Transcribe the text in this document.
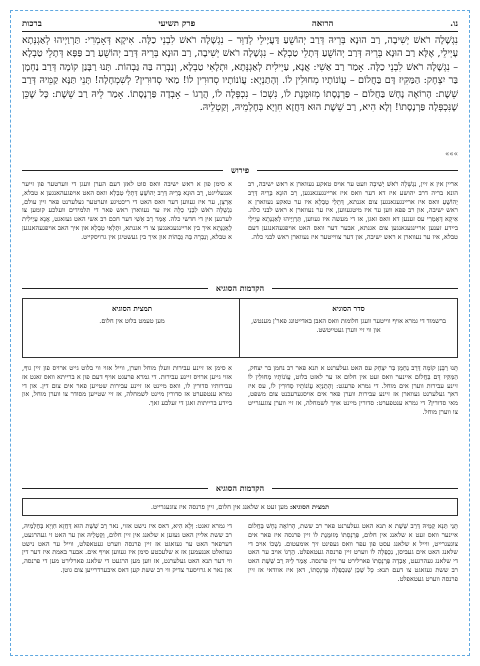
נו.
הרואה
פרק תשיעי
ברכות
נִגְשָׁלָה רֹאשׁ יְשִׁיבָה, רַב הוּנָא בְּרֵיהּ דְּרַב יְהוֹשֻׁעַ דַּעֲיָילֵי לְדַוֵּר – נִגְשָׁלָה רֹאשׁ לִבְנֵי כַלָּה. אִיקָא דְּאָמְרִי: תַּרְוַיְיהוּ לְאַגְנְּתָא עָיְילֵי, אֶלָּא רַב הוּנָא בְּרֵיהּ דְּרַב יְהוֹשֻׁעַ דְּתָלֵי טַבְלָא – נִגְשָׁלָה רֹאשׁ יְשִׁיבָה, רַב הוּנָא בְּרֵיהּ דְּרַב יְהוֹשֻׁעַ רַב פַּפָּא דְּתָלֵי טַבְלָא – נִגְשָׁלָה רֹאשׁ לִבְנֵי כַלָּה. אָמַר רַב אַשִׁי: אֲנָא, עַיְילִית לְאַגְנְּתָא, וּתְלָאִי טַבְלָא, וְנַבְרָה בַּה גַּבְהוֹת. תָּנוּ רַבָּנַן קוֹמָה דְּרַב נַחְמָן בַּר יִצְחָק: הַמַּקִּיז דָּם בַּחֲלוֹם – עֲוֹנוֹתָיו מְחוּלִין לוֹ. וְהָתַנְיָא: עֲוֹנוֹתָיו סְדוּרִין לוֹ! מַאי סְדוּרִין? לְשִׁמְחָלָה! תָּנֵי תַּנָּא קַמֵּיהּ דְּרַב שֵׁשֶׁת: הָרוֹאֶה נָחָשׁ בַּחֲלוֹם – פַּרְנָסָתוֹ מְזוּמֶּנֶת לוֹ, נִשְׁכוֹ – נִכְפְּלָה לוֹ, הֲרָגוֹ – אָבְדָה פַּרְנָסָתוֹ. אָמַר לֵיהּ רַב שֵׁשֶׁת: כָּל שֶׁכֵּן שֶׁנִּכְפְּלָה פַּרְנָסָתוֹ! וְלָא הִיא, רַב שֵׁשֶׁת הוּא דַּחֲזָא חִוְיָא בְּחֶלְמֵיהּ, וְקַטְלֵיהּ.
«««
פירוש
אריין אין א זיין, נִגְשָׁלָה רֹאשׁ יְשִׁיבָה וועט ער אויס טאקע נעווארן א ראש ישיבה, רב הונא בריה דרב יהושע איז דא דער וואס איז אריינגעגאנגען, רַב הוּנָא בְּרֵיהּ דְּרַב יְהוֹשֻׁעַ וואס איז אריינגעגאנגען צום אגנתא, דְּתָלֵי טַבְלָא איז ער טאקע נעווארן א ראש ישיבה, און רב פפא ווען ער איז מיטגעווען, איז ער נעווארן א ראש לבני כלה. אִיקָא דְּאָמְרִי עס זענען דא וואס זאגן, אז די מעשה איז געווען, תַּרְוַיְיהוּ לְאַגְנְּתָא עָיְילֵי ביידע זענען אריינגעגאנגען צום אגנתא, אבער דער וואס האט אויפגעהאנגען דעם טבלא, איז ער נעווארן א ראש ישיבה, און דער צווייטער איז נעווארן ראש לבני כלה.
א סימן פון א ראש ישיבה וואס סוט לאזן דעם הערן וועגן די ווערטער פון זייער אנגעלייגט, רַב הוּנָא בְּרֵיהּ דְּרַב יְהוֹשֻׁעַ דְּתָלֵי טַבְלָא וואס האט אויפגעהאנגען א טבלא, אַרְצָן, ער איז געווען דער וואס האט די ריכטיגע ווערטער געלערנט פאר זיין עולם, נִגְשָׁלָה רֹאשׁ לִבְנֵי כַלָּה איז ער נעווארן ראש פאר די תלמידים וועלכע קומען צו לערנען אין די חדשי כלה. אָמַר רַב אַשִׁי דער חכם רב אשי האט געזאגט, אֲנָא עַיְילִית לְאַגְנְּתָא איך בין אריינגעגאנגען צו די אגנתא, וּתְלָאִי טַבְלָא און איך האב אויפגעהאנגען א טבלא, וְנַבְרָה בַּה גַּבְהוֹת און איך בין געשטיגן אין גרויסקייט.
הקדמות הסוגיא
סדר הסוגיא
ברשמוד די גמרא אויף ווייטער וועגן חלומות וואס האבן באדייטונג פאר'ן מענטש, און ווי זיי ווערן געטייטשט.
תמצית הסוגיא
מען טעמט בלוט אין חלום.
תָּנוּ רַבָּנַן קוֹמָה דְּרַב נַחְמָן בַּר יִצְחָק עס האט געלערנט א תנא פאר רב נחמן בר יצחק, הַמַּקִּיז דָּם בַּחֲלוֹם איינער וואס זעט אין חלום אז ער לאזט בלוט, עֲוֹנוֹתָיו מְחוּלִין לוֹ זיינע עבירות ווערן אים מוחל. די גמרא פרעגט: וְהָתַנְיָא עֲוֹנוֹתָיו סְדוּרִין לוֹ, עס איז דאך געלערנט געווארן אז זיינע עבירות ווערן פאר אים אויסגערעכנט צום משפט, מאי סדורין? די גמרא ענטפערט: סדורין מיינט אויך לשמחלה, אז זיי ווערן צוגעגרייט צו ווערן מוחל.
א סימן אז זיינע עבירות וועלן מוחל ווערן, ווייל אזוי ווי בלוט גייט ארויס פון זיין גוף, אזוי גייען ארויס זיינע עבירות. די גמרא פרעגט אויף דעם פון א ברייתא וואס זאגט אז עבירותיו סדורין לו, וואס מיינט אז זיינע עבירות שטייען פאר אים צום דין. און די גמרא ענטפערט אז סדורין מיינט לשמחלה, אז זיי שטייען מסודר צו ווערן מוחל, און ביידע ברייתות זאגן די זעלבע זאך.
הקדמות הסוגיא
תמצית הסוגיא: מען זעט א שלאנג אין חלום, זיין פרנסה איז צוגעגרייט.
תָּנֵי תַּנָּא קַמֵּיהּ דְּרַב שֵׁשֶׁת א תנא האט געלערנט פאר רב ששת, הָרוֹאֶה נָחָשׁ בַּחֲלוֹם איינער וואס זעט א שלאנג אין חלום, פַּרְנָסָתוֹ מְזוּמֶּנֶת לוֹ זיין פרנסה איז פאר אים צוגעגרייט, ווייל א שלאנג עסט פון עפר וואס געפינט זיך אומעטום. נִשְׁכוֹ אויב די שלאנג האט אים געביסן, נִכְפְּלָה לוֹ ווערט זיין פרנסה געטאפלט. הֲרָגוֹ אויב ער האט די שלאנג געהרגעט, אָבְדָה פַּרְנָסָתוֹ פארלירט ער זיין פרנסה. אָמַר לֵיהּ רַב שֵׁשֶׁת האט רב ששת געזאגט צו דעם תנא: כָּל שֶׁכֵּן שֶׁנִּכְפְּלָה פַּרְנָסָתוֹ, דאן איז אוודאי אז זיין פרנסה ווערט געטאפלט.
די גמרא זאגט: וְלָא הִיא, דאס איז נישט אזוי, נאר רַב שֵׁשֶׁת הוּא דַּחֲזָא חִוְיָא בְּחֶלְמֵיהּ, רב ששת אליין האט געזען א שלאנג אין זיין חלום, וְקַטְלֵיהּ און ער האט זי געהרגעט, דערפאר האט ער געזאגט אז זיין פרנסה ווערט געטאפלט, ווייל ער האט נישט געוואלט אננעמען אז א שלעכטע סימן איז געווען אויף אים. אבער באמת איז דער דין ווי דער תנא האט געלערנט, אז ווען מען הרגעט די שלאנג פארלירט מען די פרנסה, און נאר א גרויסער צדיק ווי רב ששת קען דאס איבערדרייען צום גוטן.
